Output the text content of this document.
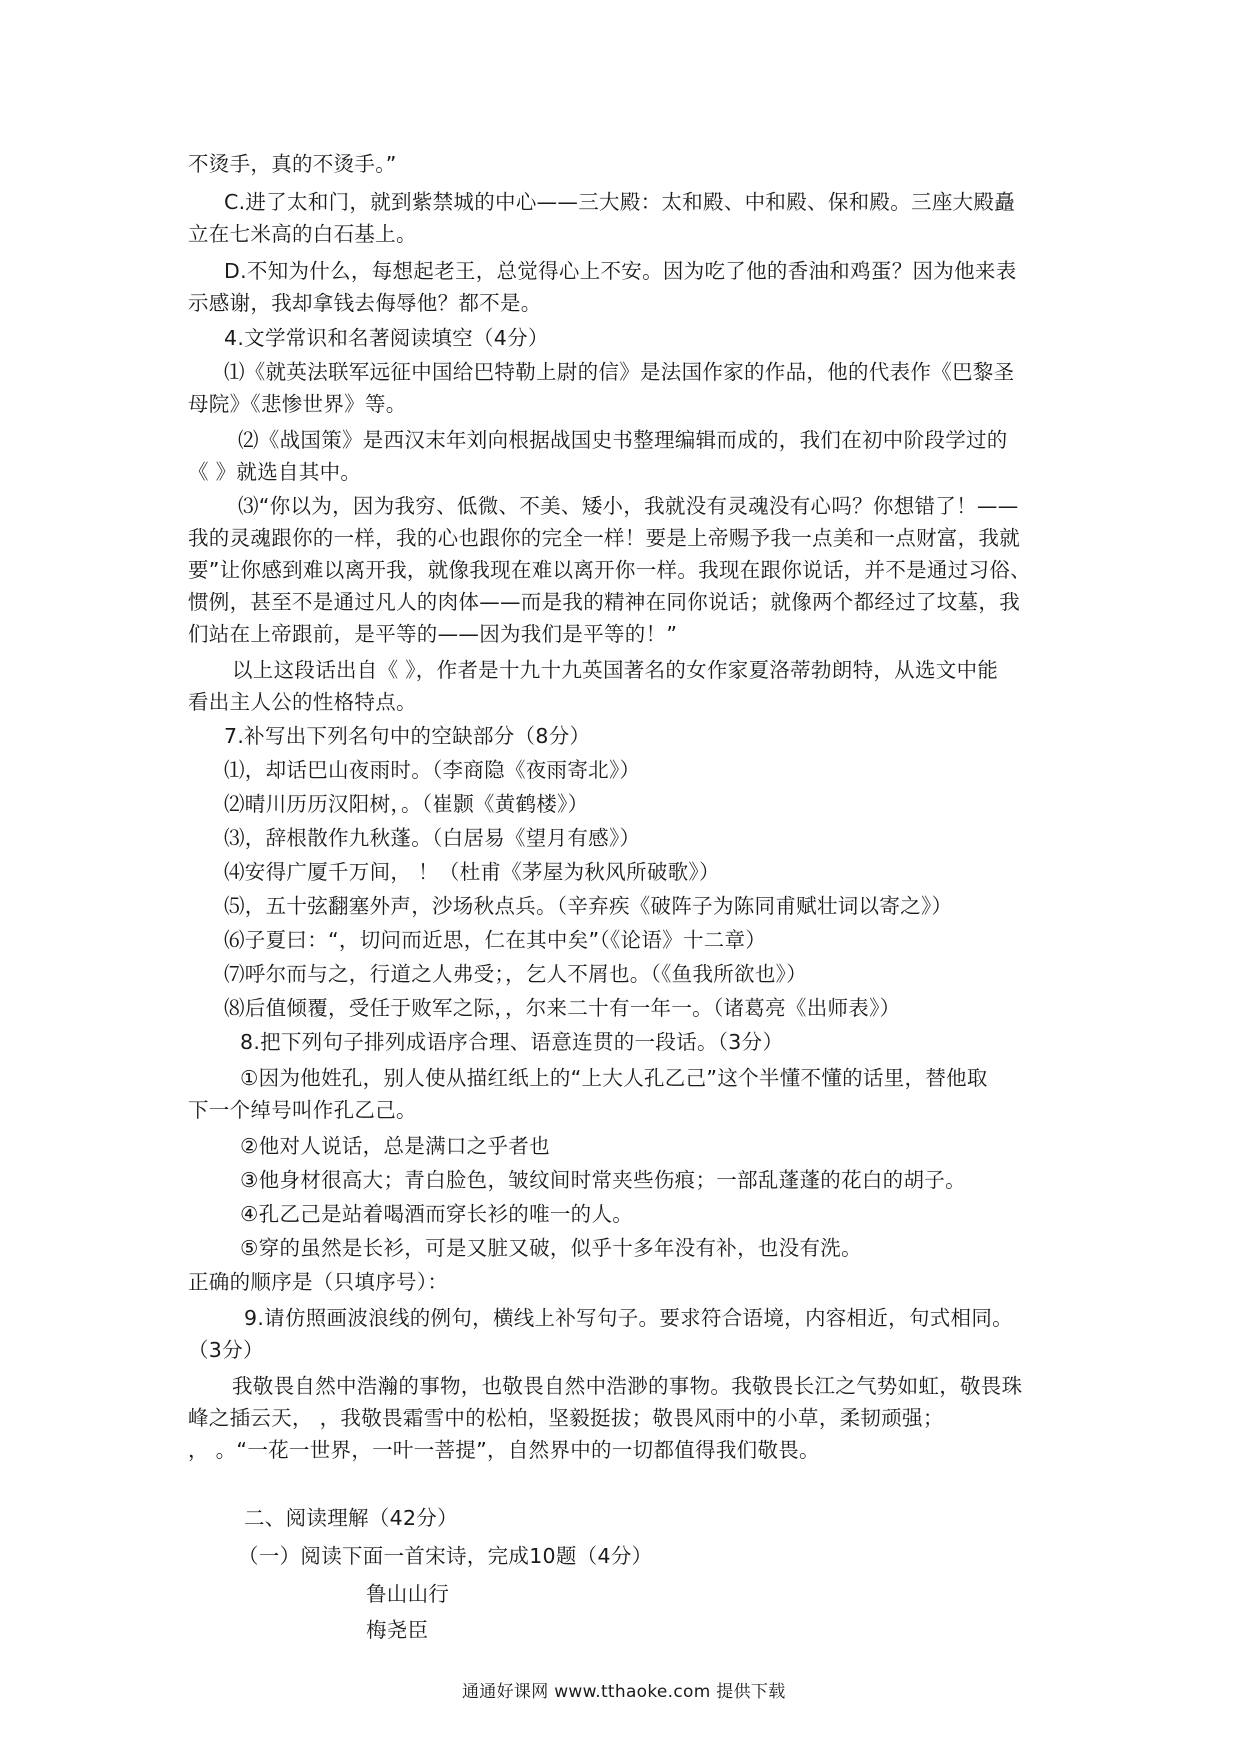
不烫手，真的不烫手。”
C.进了太和门，就到紫禁城的中心——三大殿：太和殿、中和殿、保和殿。三座大殿矗
立在七米高的白石基上。
D.不知为什么，每想起老王，总觉得心上不安。因为吃了他的香油和鸡蛋？因为他来表
示感谢，我却拿钱去侮辱他？都不是。
4.文学常识和名著阅读填空（4分）
⑴《就英法联军远征中国给巴特勒上尉的信》是法国作家的作品，他的代表作《巴黎圣
母院》《悲惨世界》等。
⑵《战国策》是西汉末年刘向根据战国史书整理编辑而成的，我们在初中阶段学过的
《 》就选自其中。
⑶“你以为，因为我穷、低微、不美、矮小，我就没有灵魂没有心吗？你想错了！——
我的灵魂跟你的一样，我的心也跟你的完全一样！要是上帝赐予我一点美和一点财富，我就
要”让你感到难以离开我，就像我现在难以离开你一样。我现在跟你说话，并不是通过习俗、
惯例，甚至不是通过凡人的肉体——而是我的精神在同你说话；就像两个都经过了坟墓，我
们站在上帝跟前，是平等的——因为我们是平等的！”
以上这段话出自《 》，作者是十九十九英国著名的女作家夏洛蒂勃朗特，从选文中能
看出主人公的性格特点。
7.补写出下列名句中的空缺部分（8分）
⑴，却话巴山夜雨时。（李商隐《夜雨寄北》）
⑵晴川历历汉阳树，。（崔颢《黄鹤楼》）
⑶，辞根散作九秋蓬。（白居易《望月有感》）
⑷安得广厦千万间， ！（杜甫《茅屋为秋风所破歌》）
⑸，五十弦翻塞外声，沙场秋点兵。（辛弃疾《破阵子为陈同甫赋壮词以寄之》）
⑹子夏曰：“，切问而近思，仁在其中矣”（《论语》十二章）
⑺呼尔而与之，行道之人弗受；，乞人不屑也。（《鱼我所欲也》）
⑻后值倾覆，受任于败军之际，，尔来二十有一年一。（诸葛亮《出师表》）
8.把下列句子排列成语序合理、语意连贯的一段话。（3分）
①因为他姓孔，别人使从描红纸上的“上大人孔乙己”这个半懂不懂的话里，替他取
下一个绰号叫作孔乙己。
②他对人说话，总是满口之乎者也
③他身材很高大；青白脸色，皱纹间时常夹些伤痕；一部乱蓬蓬的花白的胡子。
④孔乙己是站着喝酒而穿长衫的唯一的人。
⑤穿的虽然是长衫，可是又脏又破，似乎十多年没有补，也没有洗。
正确的顺序是（只填序号）：
9.请仿照画波浪线的例句，横线上补写句子。要求符合语境，内容相近，句式相同。
（3分）
我敬畏自然中浩瀚的事物，也敬畏自然中浩渺的事物。我敬畏长江之气势如虹，敬畏珠
峰之插云天， ，我敬畏霜雪中的松柏，坚毅挺拔；敬畏风雨中的小草，柔韧顽强；
， 。“一花一世界，一叶一菩提”，自然界中的一切都值得我们敬畏。
二、阅读理解（42分）
（一）阅读下面一首宋诗，完成10题（4分）
鲁山山行
梅尧臣
通通好课网 www.tthaoke.com 提供下载
